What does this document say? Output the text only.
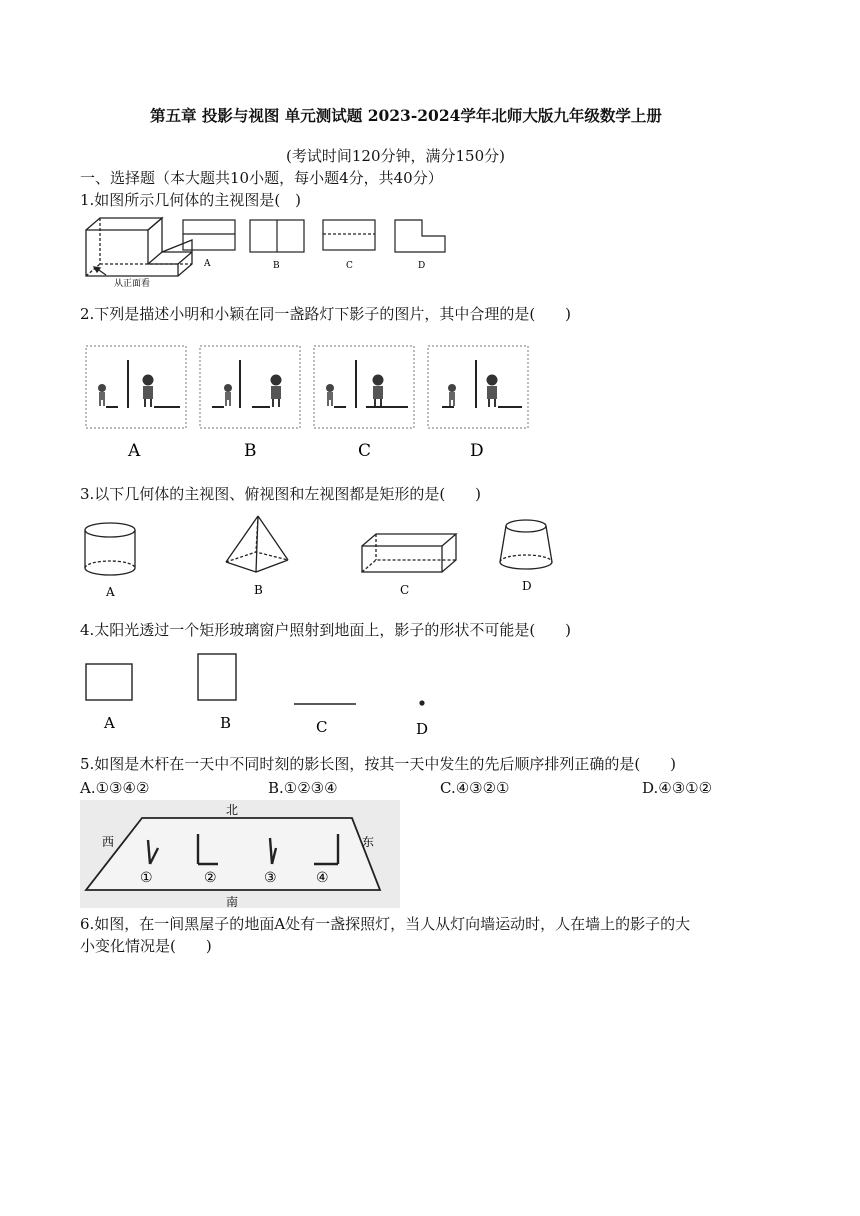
第五章 投影与视图 单元测试题 2023-2024学年北师大版九年级数学上册
(考试时间120分钟，满分150分)
一、选择题（本大题共10小题，每小题4分，共40分）
1.如图所示几何体的主视图是(　)
从正面看
A	B	C	D
2.下列是描述小明和小颖在同一盏路灯下影子的图片，其中合理的是(　　)
A	B	C	D
3.以下几何体的主视图、俯视图和左视图都是矩形的是(　　)
A	B	C	D
4.太阳光透过一个矩形玻璃窗户照射到地面上，影子的形状不可能是(　　)
A	B	C	D
5.如图是木杆在一天中不同时刻的影长图，按其一天中发生的先后顺序排列正确的是(　　)
A.①③④②	B.①②③④	C.④③②①	D.④③①②
北
南
西	东
①	②	③	④
6.如图，在一间黑屋子的地面A处有一盏探照灯，当人从灯向墙运动时，人在墙上的影子的大
小变化情况是(　　)
